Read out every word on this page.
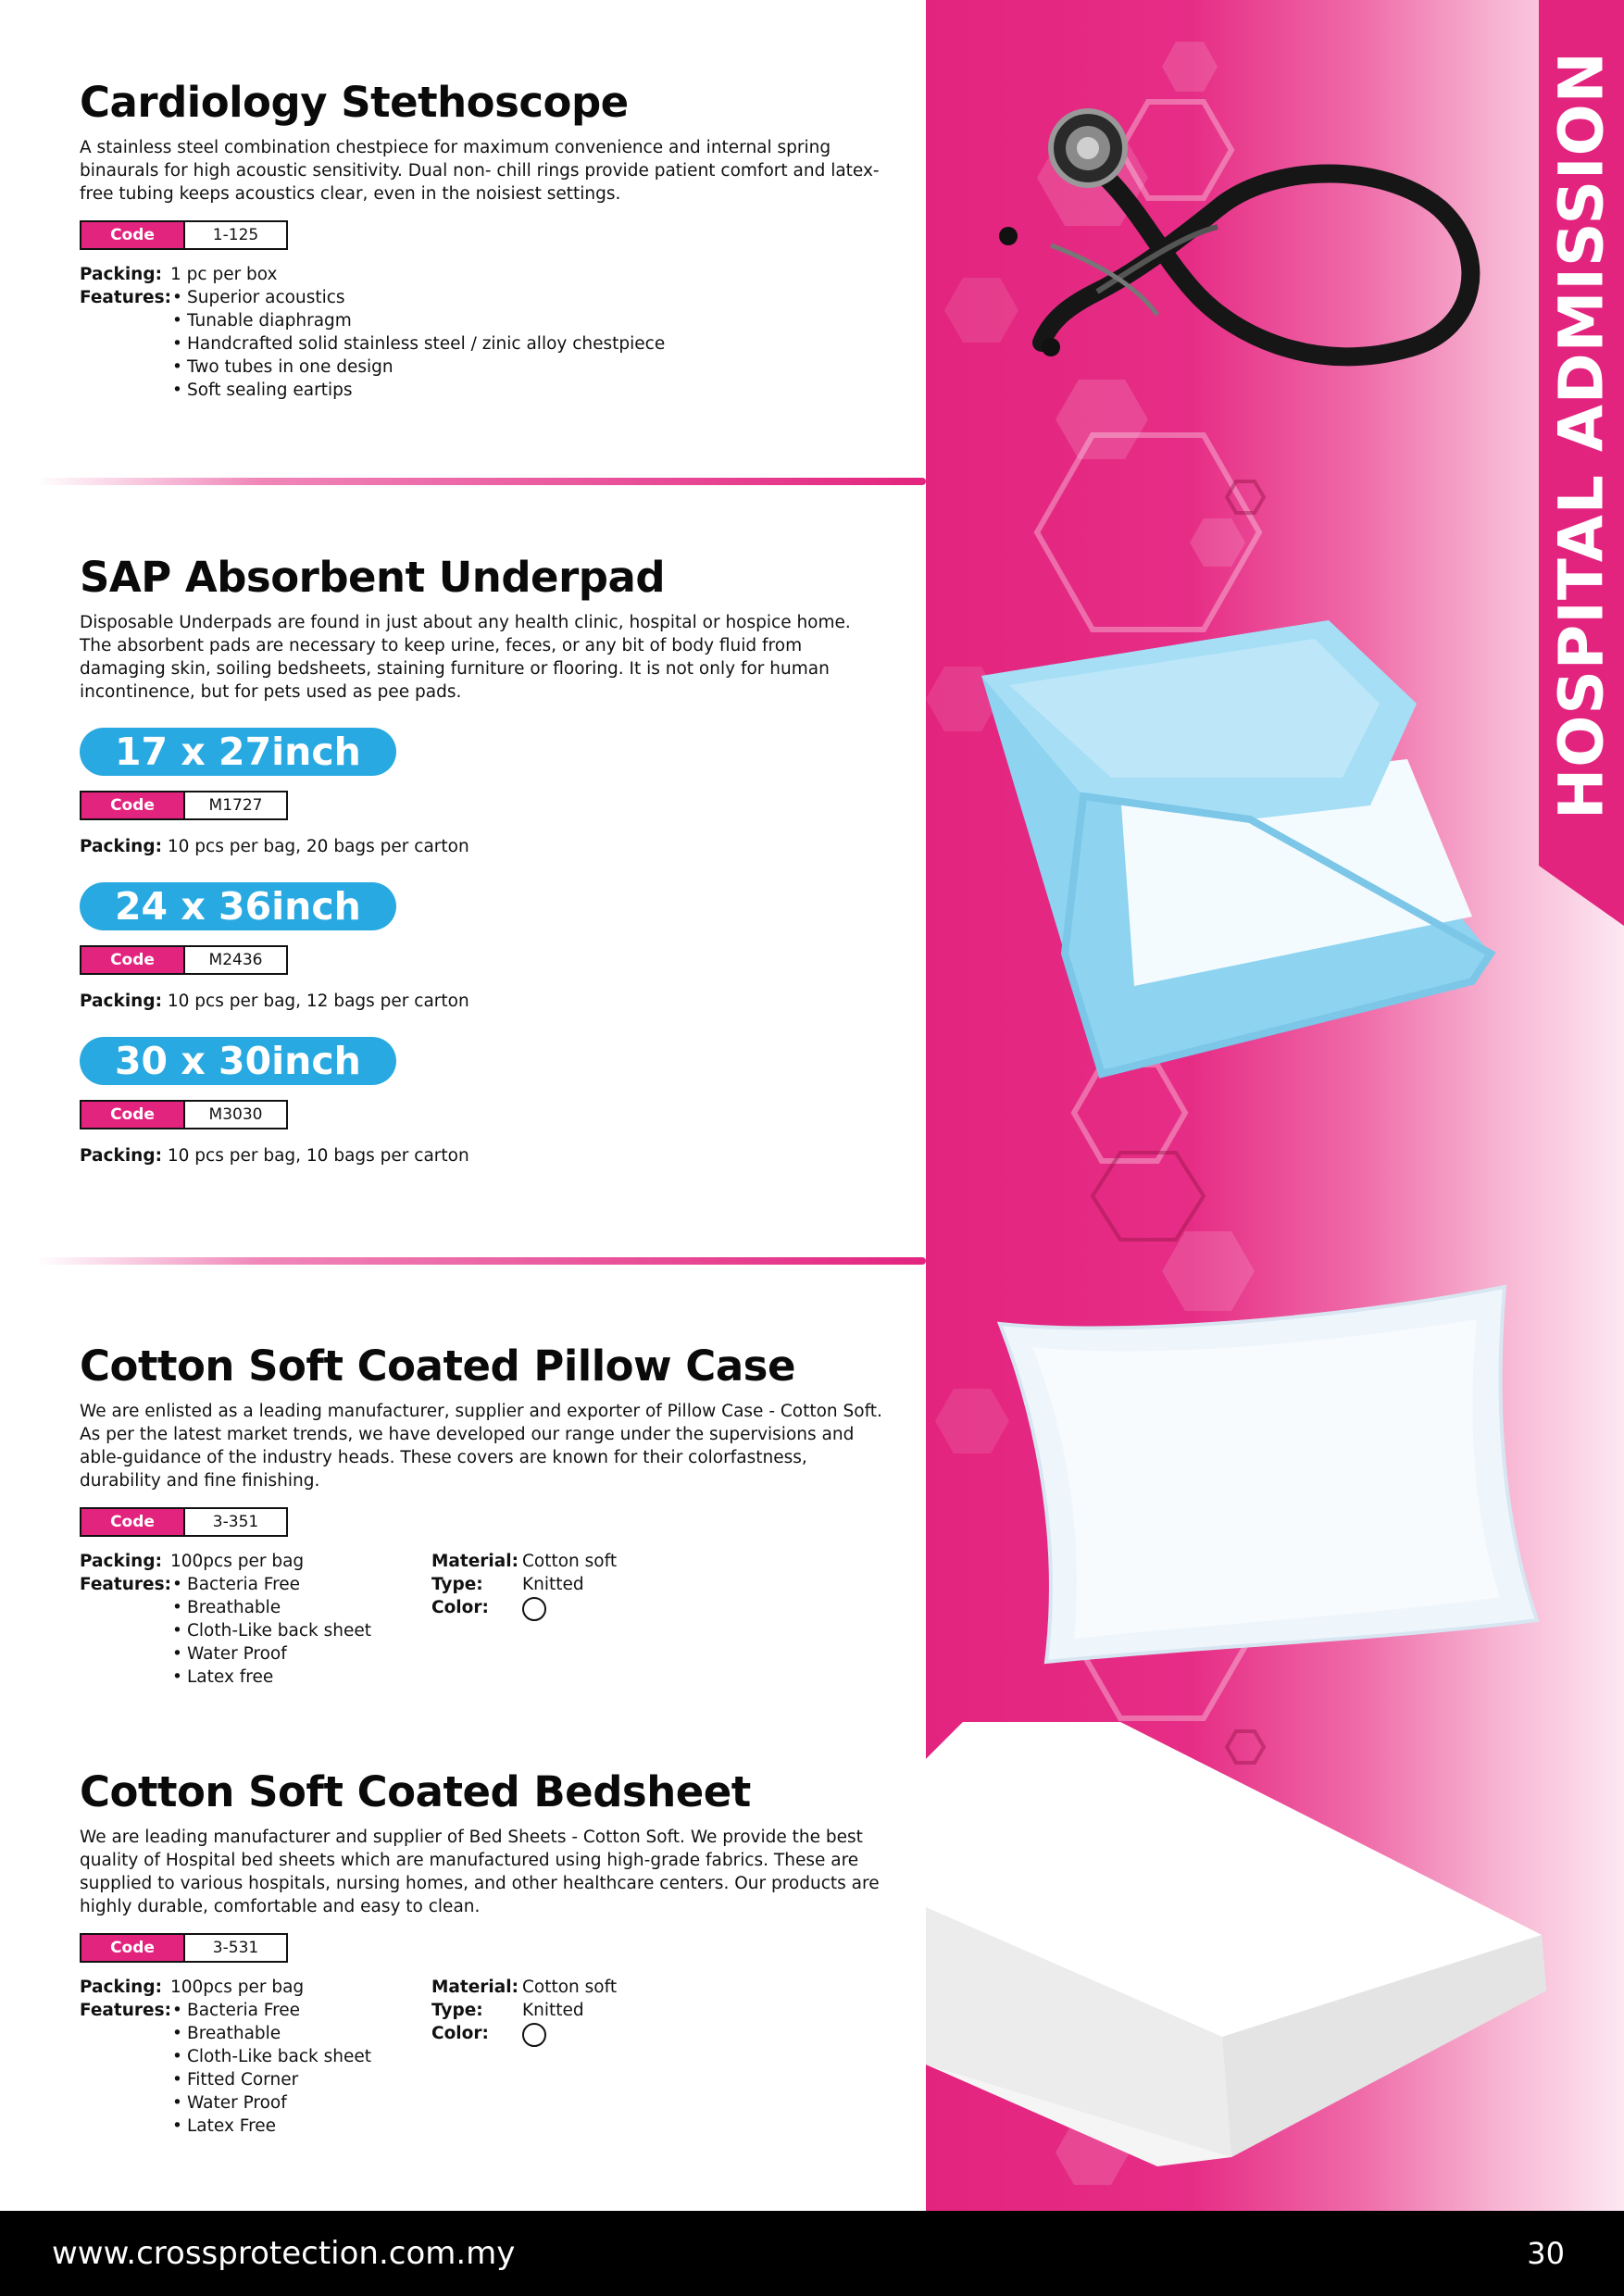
HOSPITAL ADMISSION
Cardiology Stethoscope

A stainless steel combination chestpiece for maximum convenience and internal spring binaurals for high acoustic sensitivity. Dual non- chill rings provide patient comfort and latex-free tubing keeps acoustics clear, even in the noisiest settings.

Code	1-125
Packing: 1 pc per box
Features: • Superior acoustics
• Tunable diaphragm
• Handcrafted solid stainless steel / zinic alloy chestpiece
• Two tubes in one design
• Soft sealing eartips
SAP Absorbent Underpad

Disposable Underpads are found in just about any health clinic, hospital or hospice home. The absorbent pads are necessary to keep urine, feces, or any bit of body fluid from damaging skin, soiling bedsheets, staining furniture or flooring. It is not only for human incontinence, but for pets used as pee pads.

17 x 27inch
Code	M1727

Packing: 10 pcs per bag, 20 bags per carton

24 x 36inch
Code	M2436

Packing: 10 pcs per bag, 12 bags per carton

30 x 30inch
Code	M3030

Packing: 10 pcs per bag, 10 bags per carton

Cotton Soft Coated Pillow Case

We are enlisted as a leading manufacturer, supplier and exporter of Pillow Case - Cotton Soft. As per the latest market trends, we have developed our range under the supervisions and able-guidance of the industry heads. These covers are known for their colorfastness, durability and fine finishing.

Code	3-351
Packing: 100pcs per bag
Features: • Bacteria Free
• Breathable
• Cloth-Like back sheet
• Water Proof
• Latex free
Material: Cotton soft
Type:	Knitted
Color:
Cotton Soft Coated Bedsheet

We are leading manufacturer and supplier of Bed Sheets - Cotton Soft. We provide the best quality of Hospital bed sheets which are manufactured using high-grade fabrics. These are supplied to various hospitals, nursing homes, and other healthcare centers. Our products are highly durable, comfortable and easy to clean.

Code	3-531
Packing: 100pcs per bag
Features: • Bacteria Free
• Breathable
• Cloth-Like back sheet
• Fitted Corner
• Water Proof
• Latex Free
Material: Cotton soft
Type:	Knitted
Color:
www.crossprotection.com.my	30
